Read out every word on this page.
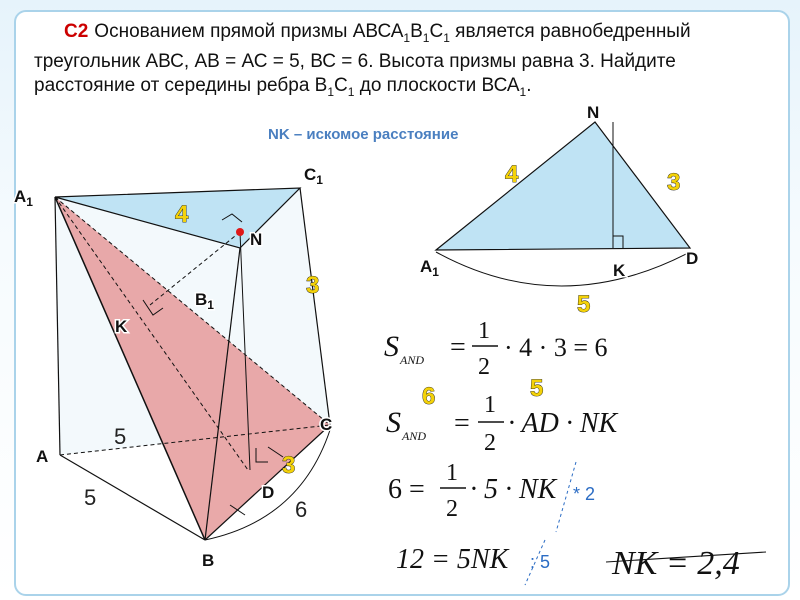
С2 Основанием прямой призмы $АВСА_1В_1С_1$ является равнобедренный треугольник АВС, АВ = АС = 5, ВС = 6. Высота призмы равна 3. Найдите расстояние от середины ребра $В_1С_1$ до плоскости $ВСА_1$.
NK – искомое расстояние
$A_1$
$C_1$
$B_1$
N
K
A
C
B
D
4
3
3
5
5	6
N
$A_1$	K
D
4	3
5
S AND =
1
2
· 4 · 3 = 6
6	5
S AND =
1
2
· AD · NK
6 =
1
2
· 5 · NK * 2
12 = 5NK : 5 NK = 2,4
